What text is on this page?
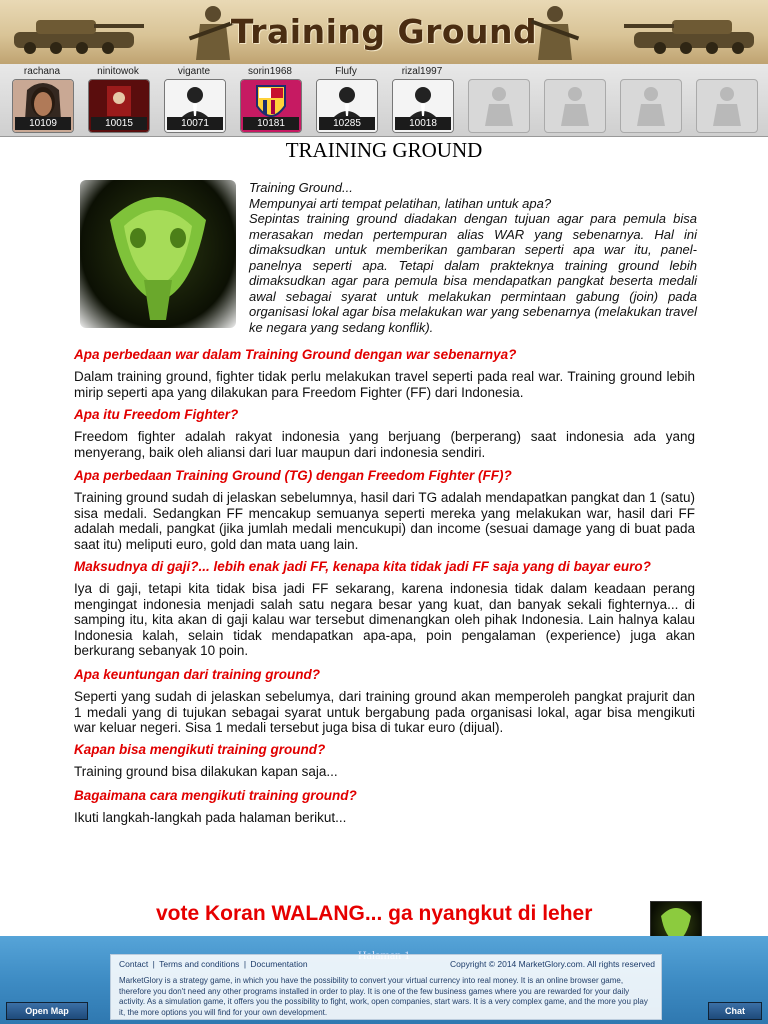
Training Ground
rachana
10109
ninitowok
10015
vigante
10071
sorin1968
10181
Flufy
10285
rizal1997
10018
TRAINING GROUND
Training Ground...
Mempunyai arti tempat pelatihan, latihan untuk apa?
Sepintas training ground diadakan dengan tujuan agar para pemula bisa merasakan medan pertempuran alias WAR yang sebenarnya. Hal ini dimaksudkan untuk memberikan gambaran seperti apa war itu, panel-panelnya seperti apa. Tetapi dalam prakteknya training ground lebih dimaksudkan agar para pemula bisa mendapatkan pangkat beserta medali awal sebagai syarat untuk melakukan permintaan gabung (join) pada organisasi lokal agar bisa melakukan war yang sebenarnya (melakukan travel ke negara yang sedang konflik).
Apa perbedaan war dalam Training Ground dengan war sebenarnya?
Dalam training ground, fighter tidak perlu melakukan travel seperti pada real war. Training ground lebih mirip seperti apa yang dilakukan para Freedom Fighter (FF) dari Indonesia.
Apa itu Freedom Fighter?
Freedom fighter adalah rakyat indonesia yang berjuang (berperang) saat indonesia ada yang menyerang, baik oleh aliansi dari luar maupun dari indonesia sendiri.
Apa perbedaan Training Ground (TG) dengan Freedom Fighter (FF)?
Training ground sudah di jelaskan sebelumnya, hasil dari TG adalah mendapatkan pangkat dan 1 (satu) sisa medali. Sedangkan FF mencakup semuanya seperti mereka yang melakukan war, hasil dari FF adalah medali, pangkat (jika jumlah medali mencukupi) dan income (sesuai damage yang di buat pada saat itu) meliputi euro, gold dan mata uang lain.
Maksudnya di gaji?... lebih enak jadi FF, kenapa kita tidak jadi FF saja yang di bayar euro?
Iya di gaji, tetapi kita tidak bisa jadi FF sekarang, karena indonesia tidak dalam keadaan perang mengingat indonesia menjadi salah satu negara besar yang kuat, dan banyak sekali fighternya... di samping itu, kita akan di gaji kalau war tersebut dimenangkan oleh pihak Indonesia. Lain halnya kalau Indonesia kalah, selain tidak mendapatkan apa-apa, poin pengalaman (experience) juga akan berkurang sebanyak 10 poin.
Apa keuntungan dari training ground?
Seperti yang sudah di jelaskan sebelumya, dari training ground akan memperoleh pangkat prajurit dan 1 medali yang di tujukan sebagai syarat untuk bergabung pada organisasi lokal, agar bisa mengikuti war keluar negeri. Sisa 1 medali tersebut juga bisa di tukar euro (dijual).
Kapan bisa mengikuti training ground?
Training ground bisa dilakukan kapan saja...
Bagaimana cara mengikuti training ground?
Ikuti langkah-langkah pada halaman berikut...
vote Koran WALANG... ga nyangkut di leher
Contact | Terms and conditions | Documentation	Copyright © 2014 MarketGlory.com. All rights reserved
MarketGlory is a strategy game, in which you have the possibility to convert your virtual currency into real money. It is an online browser game, therefore you don't need any other programs installed in order to play. It is one of the few business games where you are rewarded for your daily activity. As a simulation game, it offers you the possibility to fight, work, open companies, start wars. It is a very complex game, and the more you play it, the more options you will find for your own development.
Open Map	Chat
